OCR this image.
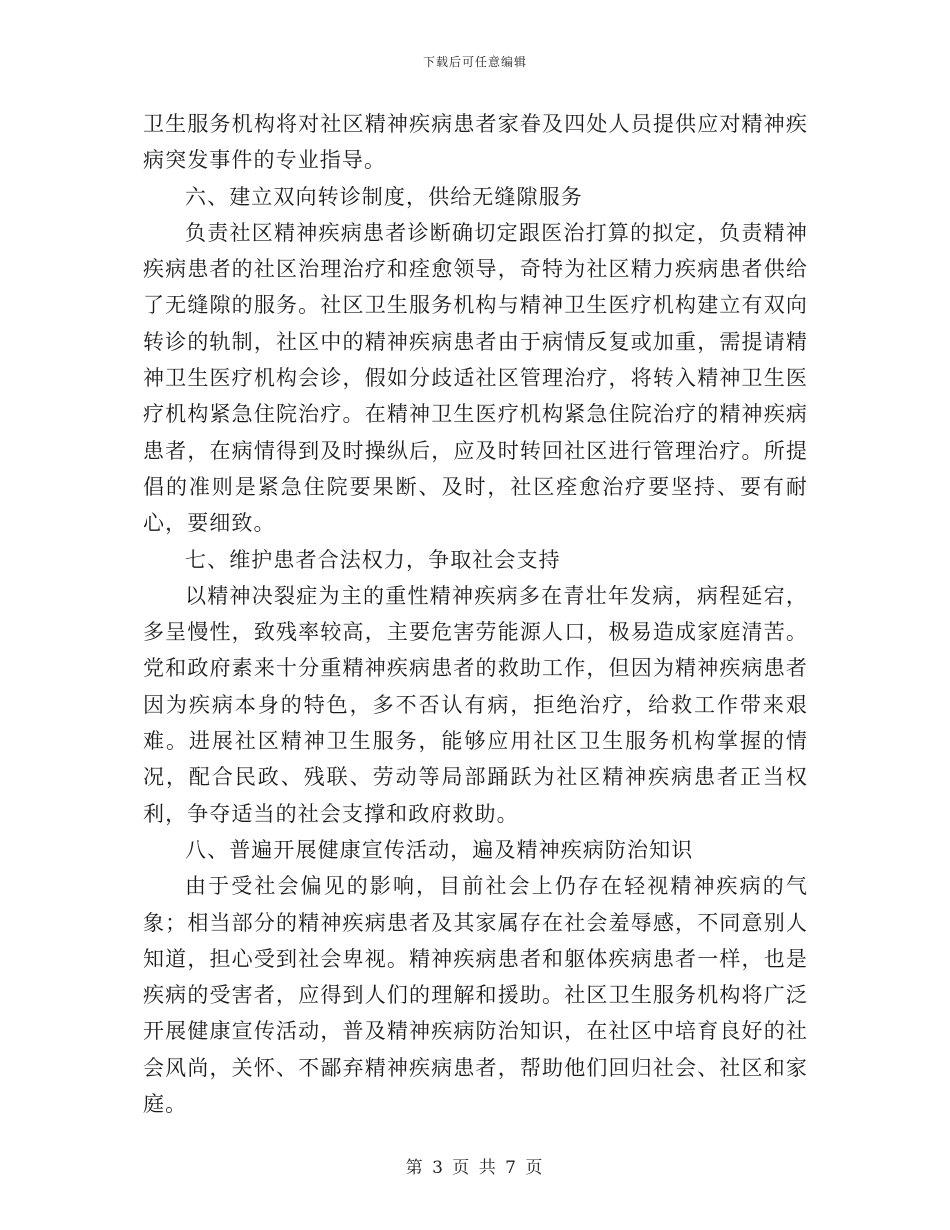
下载后可任意编辑

卫生服务机构将对社区精神疾病患者家眷及四处人员提供应对精神疾病突发事件的专业指导。

六、建立双向转诊制度，供给无缝隙服务

负责社区精神疾病患者诊断确切定跟医治打算的拟定，负责精神疾病患者的社区治理治疗和痊愈领导，奇特为社区精力疾病患者供给了无缝隙的服务。社区卫生服务机构与精神卫生医疗机构建立有双向转诊的轨制，社区中的精神疾病患者由于病情反复或加重，需提请精神卫生医疗机构会诊，假如分歧适社区管理治疗，将转入精神卫生医疗机构紧急住院治疗。在精神卫生医疗机构紧急住院治疗的精神疾病患者，在病情得到及时操纵后，应及时转回社区进行管理治疗。所提倡的准则是紧急住院要果断、及时，社区痊愈治疗要坚持、要有耐心，要细致。

七、维护患者合法权力，争取社会支持

以精神决裂症为主的重性精神疾病多在青壮年发病，病程延宕，多呈慢性，致残率较高，主要危害劳能源人口，极易造成家庭清苦。党和政府素来十分重精神疾病患者的救助工作，但因为精神疾病患者因为疾病本身的特色，多不否认有病，拒绝治疗，给救工作带来艰难。进展社区精神卫生服务，能够应用社区卫生服务机构掌握的情况，配合民政、残联、劳动等局部踊跃为社区精神疾病患者正当权利，争夺适当的社会支撑和政府救助。

八、普遍开展健康宣传活动，遍及精神疾病防治知识

由于受社会偏见的影响，目前社会上仍存在轻视精神疾病的气象；相当部分的精神疾病患者及其家属存在社会羞辱感，不同意别人知道，担心受到社会卑视。精神疾病患者和躯体疾病患者一样，也是疾病的受害者，应得到人们的理解和援助。社区卫生服务机构将广泛开展健康宣传活动，普及精神疾病防治知识，在社区中培育良好的社会风尚，关怀、不鄙弃精神疾病患者，帮助他们回归社会、社区和家庭。

第 3 页 共 7 页
